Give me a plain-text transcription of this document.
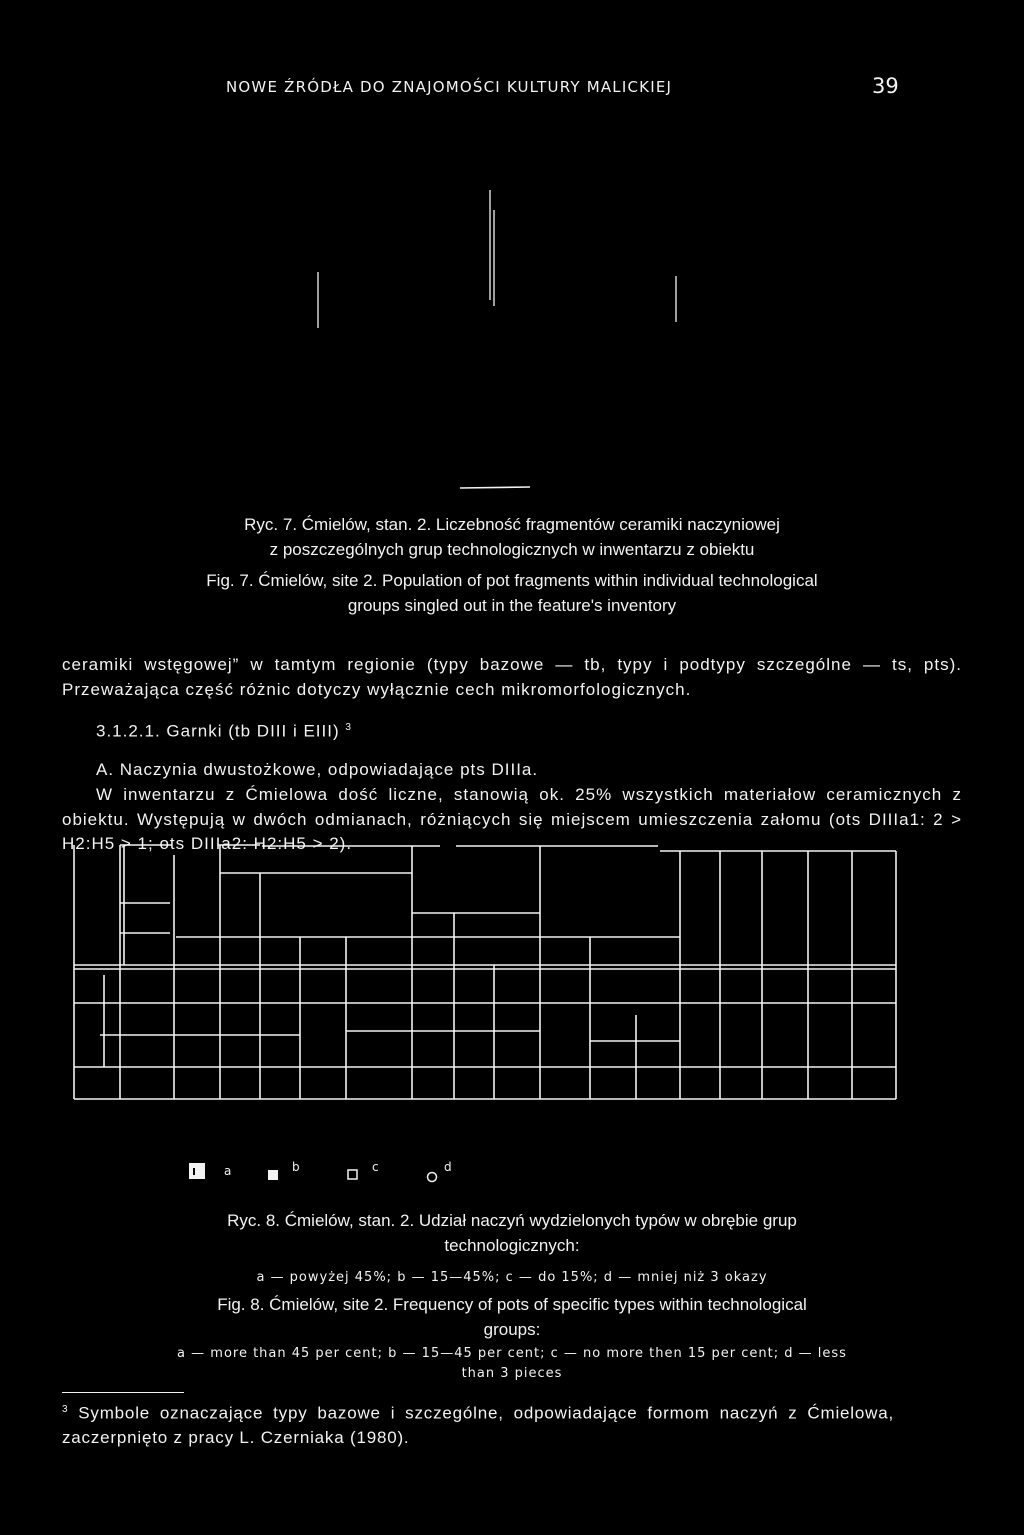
NOWE ŹRÓDŁA DO ZNAJOMOŚCI KULTURY MALICKIEJ	39
Ryc. 7. Ćmielów, stan. 2. Liczebność fragmentów ceramiki naczyniowej
z poszczególnych grup technologicznych w inwentarzu z obiektu
Fig. 7. Ćmielów, site 2. Population of pot fragments within individual technological
groups singled out in the feature's inventory

ceramiki wstęgowej” w tamtym regionie (typy bazowe — tb, typy i podtypy szczególne — ts, pts). Przeważająca część różnic dotyczy wyłącznie cech mikromorfologicznych.

3.1.2.1. Garnki (tb DIII i EIII) $^3$

A. Naczynia dwustożkowe, odpowiadające pts DIIIa.

W inwentarzu z Ćmielowa dość liczne, stanowią ok. 25% wszystkich materiałow ceramicznych z obiektu. Występują w dwóch odmianach, różniących się miejscem umieszczenia załomu (ots DIIIa1: 2 > H2:H5 > 1; ots DIIIa2: H2:H5 > 2).

a	b	c	d
Ryc. 8. Ćmielów, stan. 2. Udział naczyń wydzielonych typów w obrębie grup
technologicznych:
a — powyżej 45%; b — 15—45%; c — do 15%; d — mniej niż 3 okazy
Fig. 8. Ćmielów, site 2. Frequency of pots of specific types within technological
groups:
a — more than 45 per cent; b — 15—45 per cent; c — no more then 15 per cent; d — less
than 3 pieces

$^3$ Symbole oznaczające typy bazowe i szczególne, odpowiadające formom naczyń z Ćmielowa, zaczerpnięto z pracy L. Czerniaka (1980).
